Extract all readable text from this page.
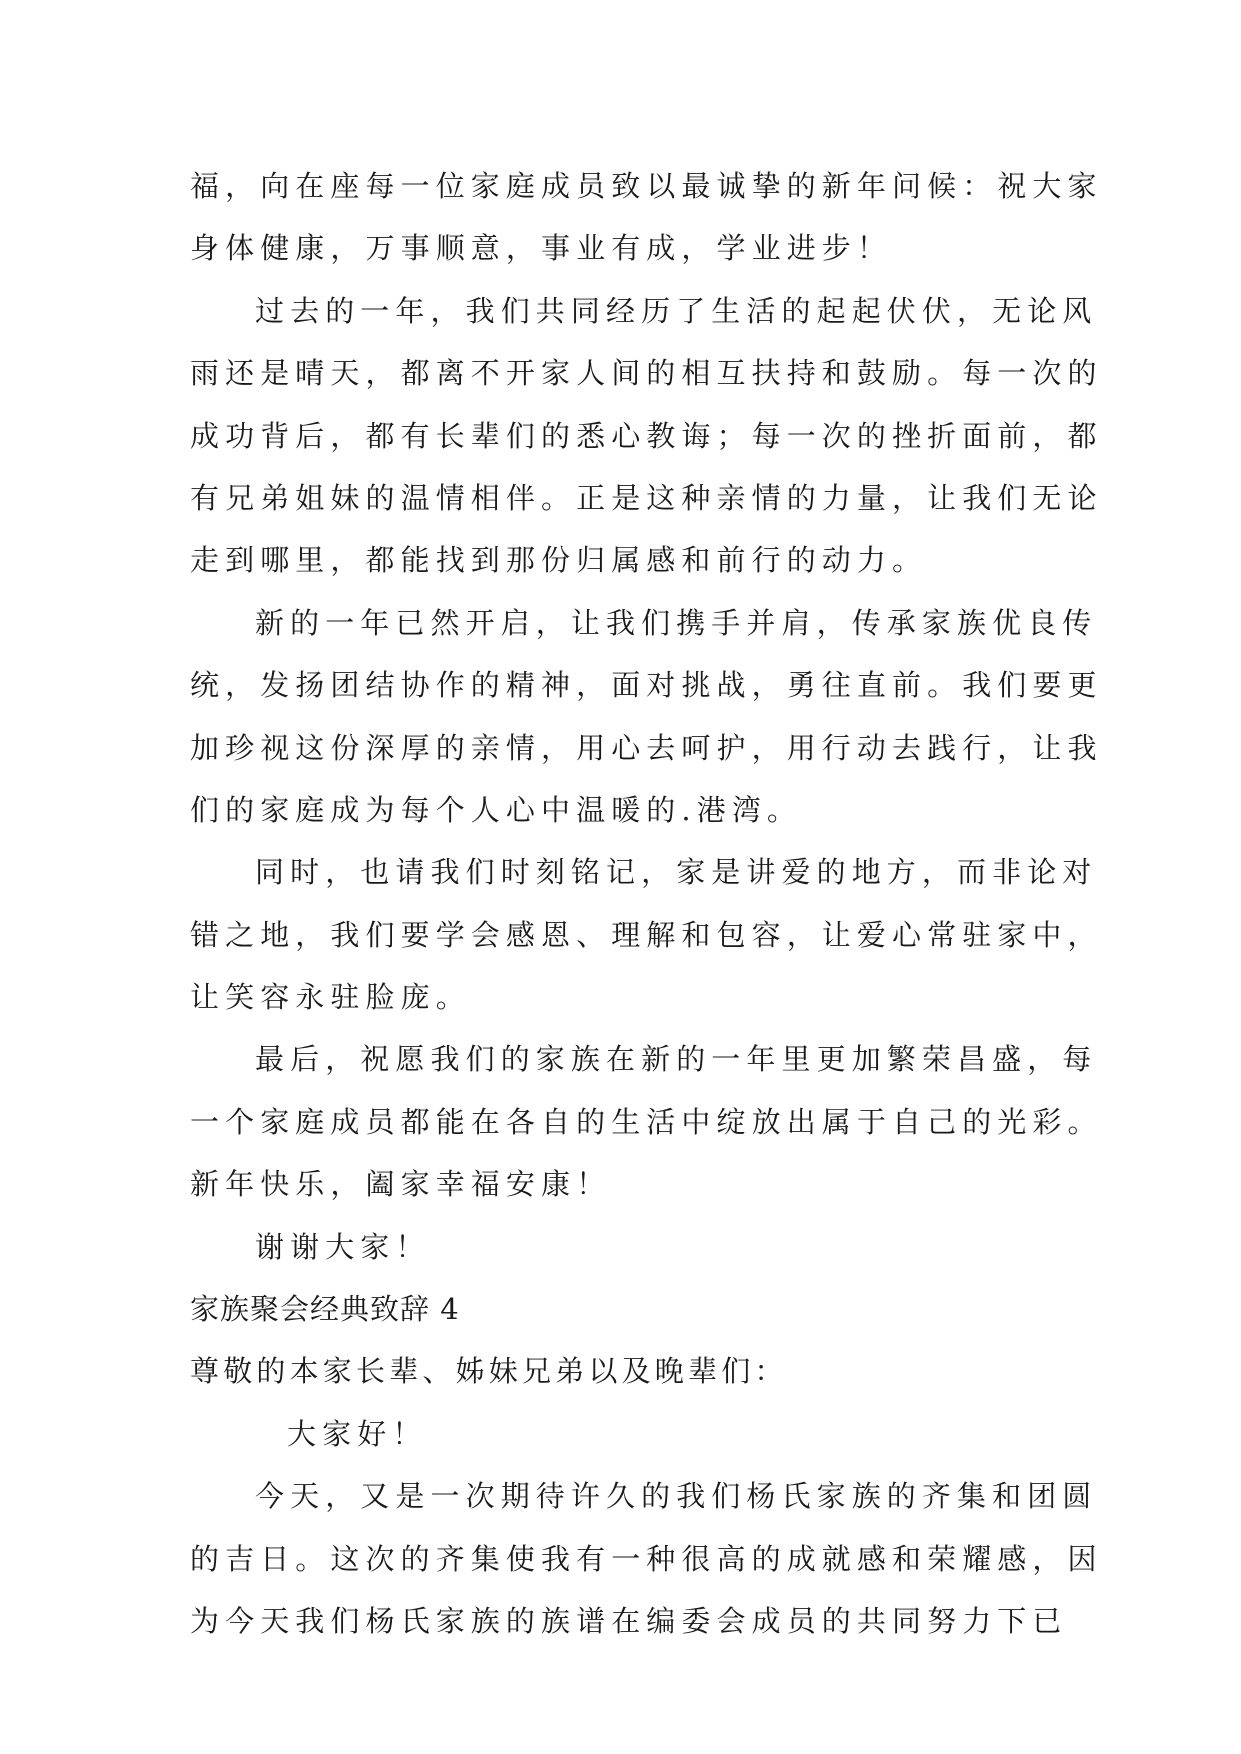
福，向在座每一位家庭成员致以最诚挚的新年问候：祝大家
身体健康，万事顺意，事业有成，学业进步！
过去的一年，我们共同经历了生活的起起伏伏，无论风
雨还是晴天，都离不开家人间的相互扶持和鼓励。每一次的
成功背后，都有长辈们的悉心教诲；每一次的挫折面前，都
有兄弟姐妹的温情相伴。正是这种亲情的力量，让我们无论
走到哪里，都能找到那份归属感和前行的动力。
新的一年已然开启，让我们携手并肩，传承家族优良传
统，发扬团结协作的精神，面对挑战，勇往直前。我们要更
加珍视这份深厚的亲情，用心去呵护，用行动去践行，让我
们的家庭成为每个人心中温暖的.港湾。
同时，也请我们时刻铭记，家是讲爱的地方，而非论对
错之地，我们要学会感恩、理解和包容，让爱心常驻家中，
让笑容永驻脸庞。
最后，祝愿我们的家族在新的一年里更加繁荣昌盛，每
一个家庭成员都能在各自的生活中绽放出属于自己的光彩。
新年快乐，阖家幸福安康！
谢谢大家！
家族聚会经典致辞 4
尊敬的本家长辈、姊妹兄弟以及晚辈们：
大家好！
今天，又是一次期待许久的我们杨氏家族的齐集和团圆
的吉日。这次的齐集使我有一种很高的成就感和荣耀感，因
为今天我们杨氏家族的族谱在编委会成员的共同努力下已
